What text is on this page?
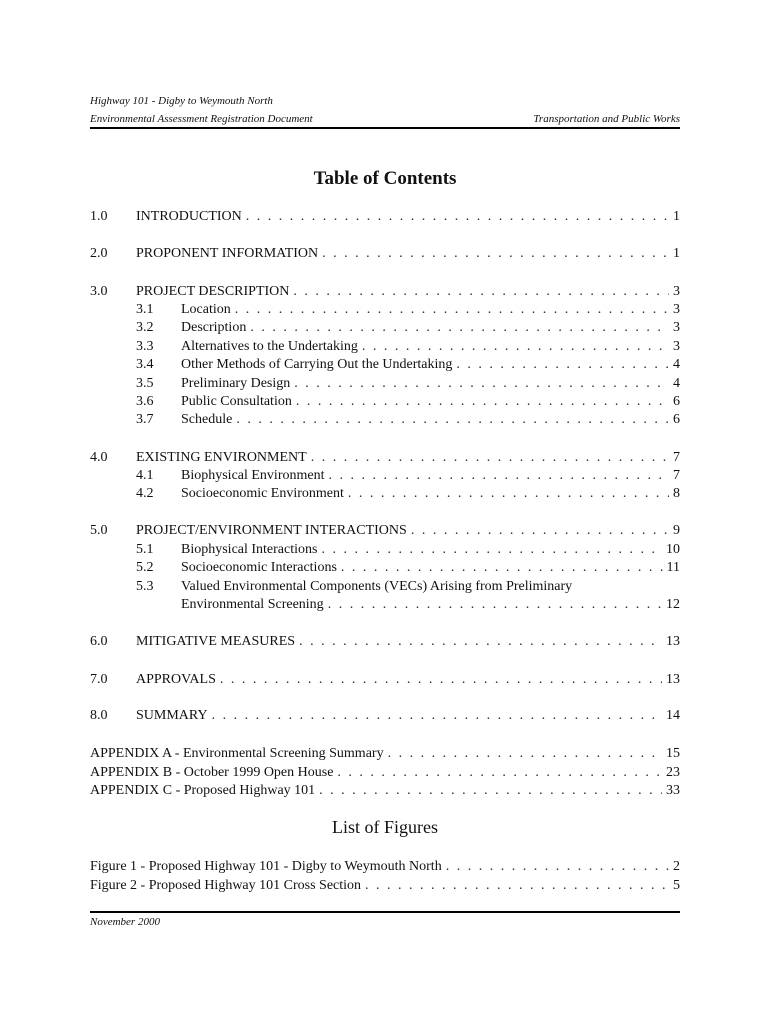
Highway 101 - Digby to Weymouth North
Environmental Assessment Registration Document	Transportation and Public Works
Table of Contents
1.0	INTRODUCTION . . .	1
2.0	PROPONENT INFORMATION . . .	1
3.0	PROJECT DESCRIPTION . . .	3
3.1	Location . . .	3
3.2	Description . . .	3
3.3	Alternatives to the Undertaking . . .	3
3.4	Other Methods of Carrying Out the Undertaking . . .	4
3.5	Preliminary Design . . .	4
3.6	Public Consultation . . .	6
3.7	Schedule . . .	6
4.0	EXISTING ENVIRONMENT . . .	7
4.1	Biophysical Environment . . .	7
4.2	Socioeconomic Environment . . .	8
5.0	PROJECT/ENVIRONMENT INTERACTIONS . . .	9
5.1	Biophysical Interactions . . .	10
5.2	Socioeconomic Interactions . . .	11
5.3	Valued Environmental Components (VECs) Arising from Preliminary
Environmental Screening . . .	12
6.0	MITIGATIVE MEASURES . . .	13
7.0	APPROVALS . . .	13
8.0	SUMMARY . . .	14
APPENDIX A - Environmental Screening Summary . . .	15
APPENDIX B - October 1999 Open House . . .	23
APPENDIX C - Proposed Highway 101 . . .	33
List of Figures
Figure 1 - Proposed Highway 101 - Digby to Weymouth North . . .	2
Figure 2 - Proposed Highway 101 Cross Section . . .	5
November 2000
